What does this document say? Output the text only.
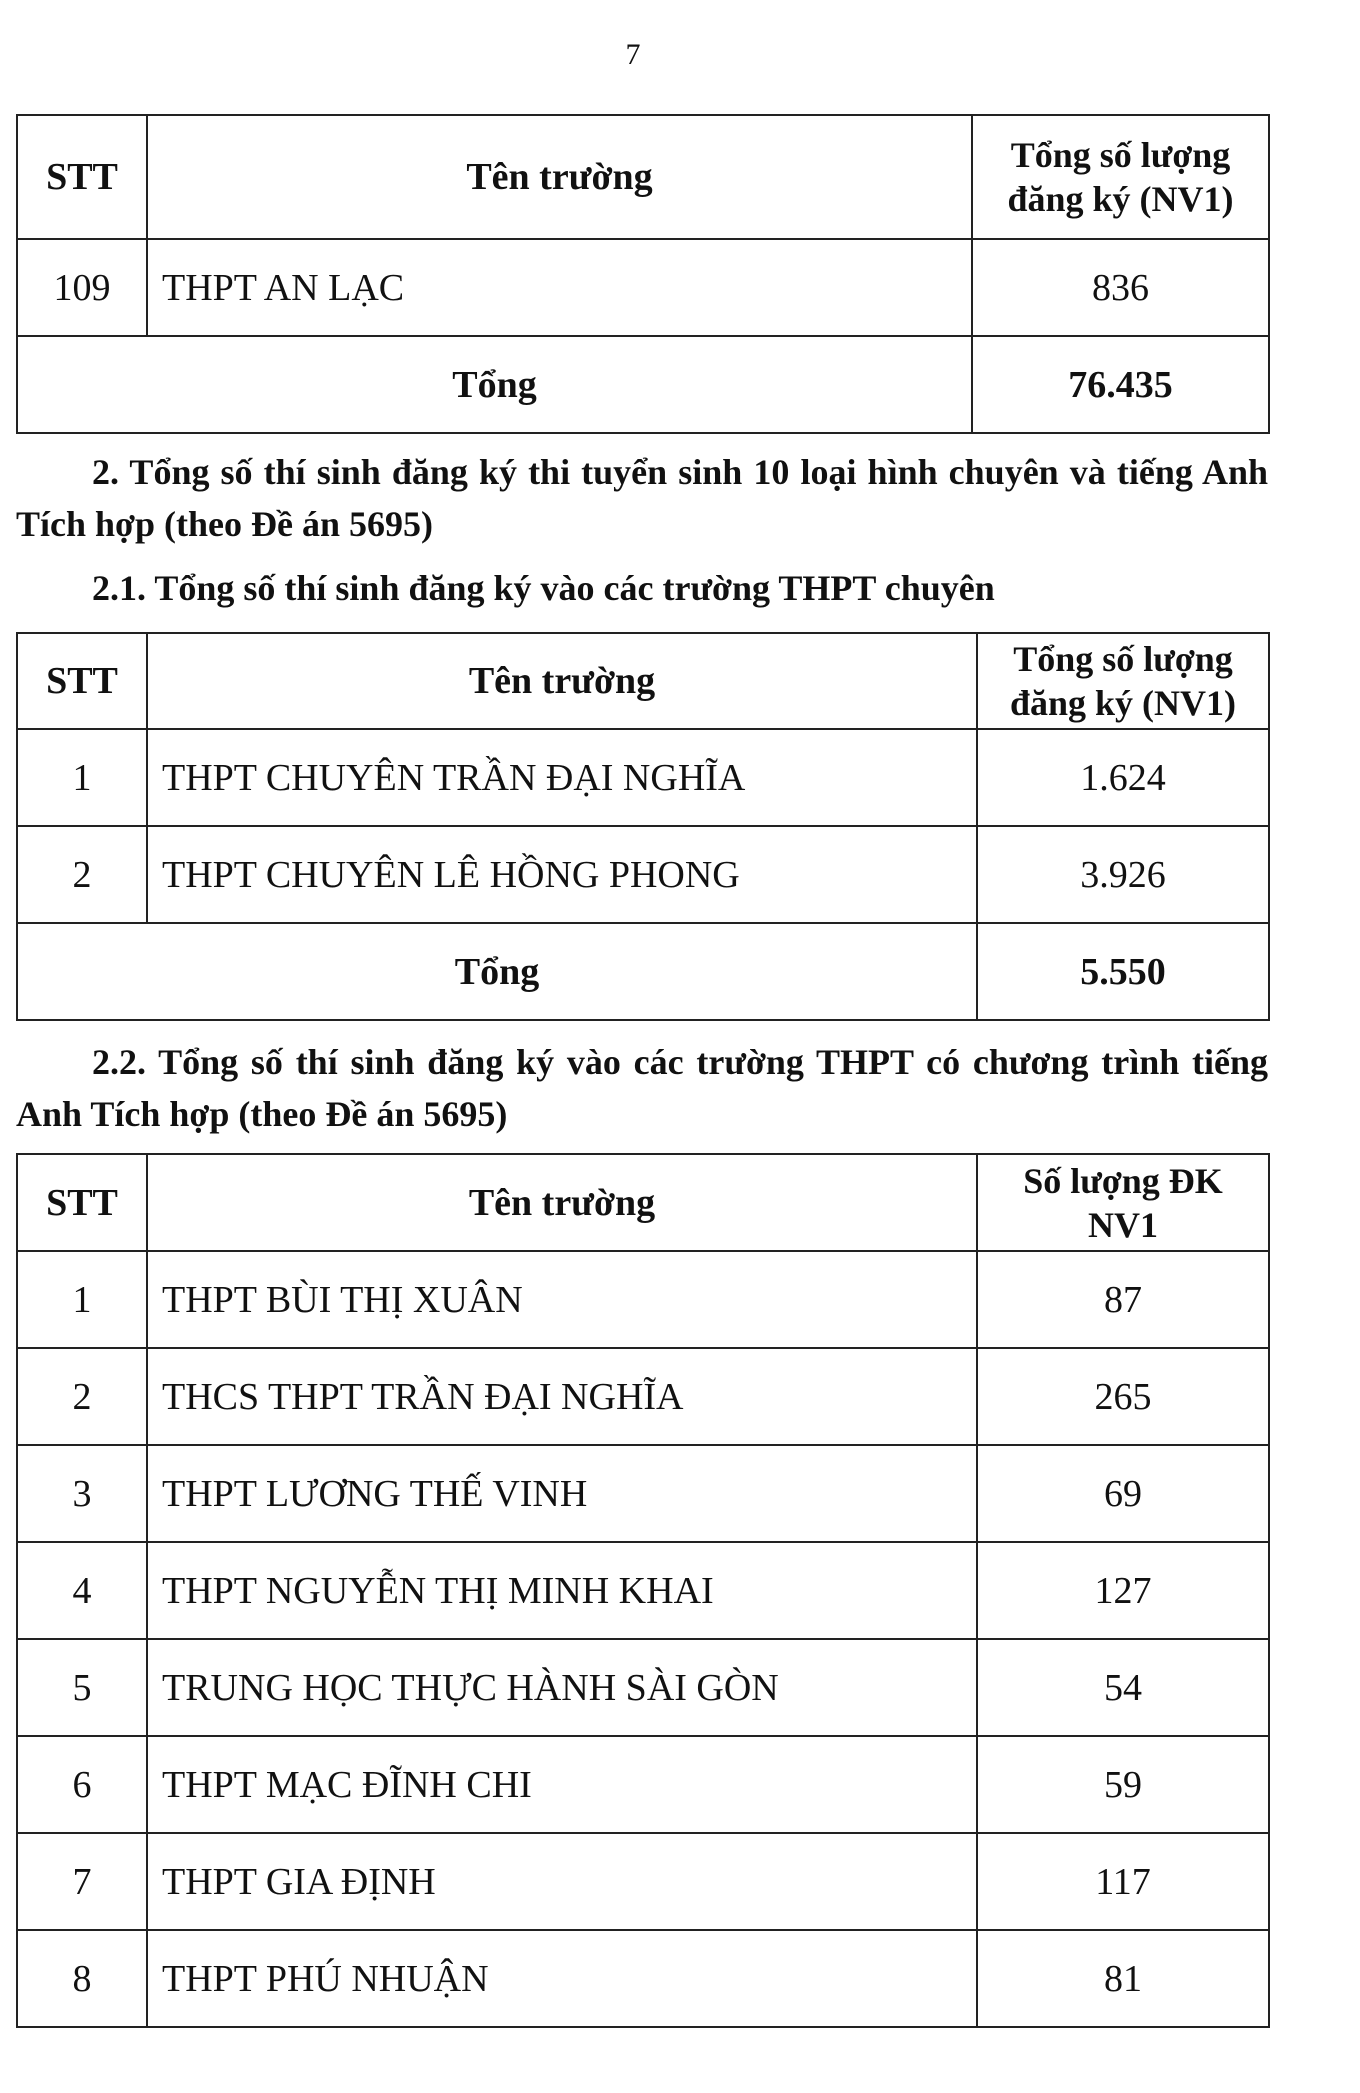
7
STT	Tên trường	Tổng số lượng đăng ký (NV1)
109	THPT AN LẠC	836
Tổng		76.435

2. Tổng số thí sinh đăng ký thi tuyển sinh 10 loại hình chuyên và tiếng Anh Tích hợp (theo Đề án 5695)

2.1. Tổng số thí sinh đăng ký vào các trường THPT chuyên

STT	Tên trường	Tổng số lượng đăng ký (NV1)
1	THPT CHUYÊN TRẦN ĐẠI NGHĨA	1.624
2	THPT CHUYÊN LÊ HỒNG PHONG	3.926
Tổng		5.550

2.2. Tổng số thí sinh đăng ký vào các trường THPT có chương trình tiếng Anh Tích hợp (theo Đề án 5695)

STT	Tên trường	Số lượng ĐK NV1
1	THPT BÙI THỊ XUÂN	87
2	THCS THPT TRẦN ĐẠI NGHĨA	265
3	THPT LƯƠNG THẾ VINH	69
4	THPT NGUYỄN THỊ MINH KHAI	127
5	TRUNG HỌC THỰC HÀNH SÀI GÒN	54
6	THPT MẠC ĐĨNH CHI	59
7	THPT GIA ĐỊNH	117
8	THPT PHÚ NHUẬN	81
